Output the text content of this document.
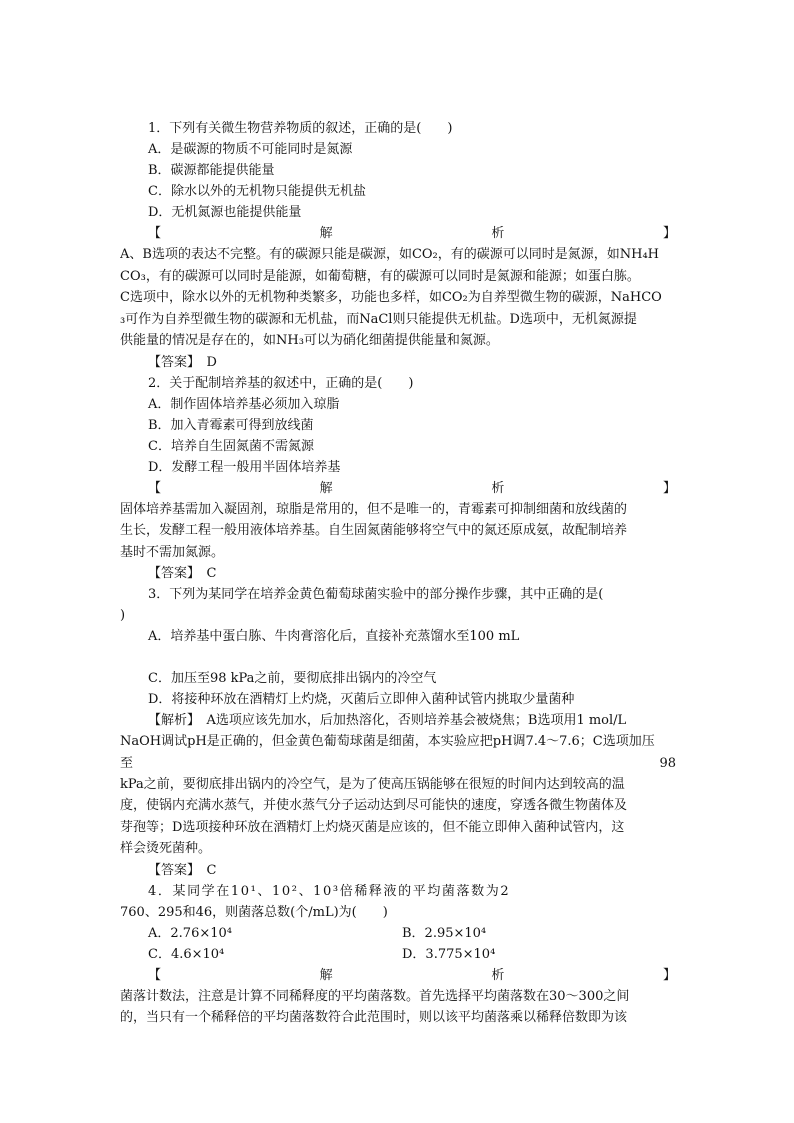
1．下列有关微生物营养物质的叙述，正确的是(　　)
A．是碳源的物质不可能同时是氮源
B．碳源都能提供能量
C．除水以外的无机物只能提供无机盐
D．无机氮源也能提供能量
【	解	析	】
A、B选项的表达不完整。有的碳源只能是碳源，如CO₂，有的碳源可以同时是氮源，如NH₄H
CO₃，有的碳源可以同时是能源，如葡萄糖，有的碳源可以同时是氮源和能源；如蛋白胨。
C选项中，除水以外的无机物种类繁多，功能也多样，如CO₂为自养型微生物的碳源，NaHCO
₃可作为自养型微生物的碳源和无机盐，而NaCl则只能提供无机盐。D选项中，无机氮源提
供能量的情况是存在的，如NH₃可以为硝化细菌提供能量和氮源。
【答案】　D
2．关于配制培养基的叙述中，正确的是(　　)
A．制作固体培养基必须加入琼脂
B．加入青霉素可得到放线菌
C．培养自生固氮菌不需氮源
D．发酵工程一般用半固体培养基
【	解	析	】
固体培养基需加入凝固剂，琼脂是常用的，但不是唯一的，青霉素可抑制细菌和放线菌的
生长，发酵工程一般用液体培养基。自生固氮菌能够将空气中的氮还原成氨，故配制培养
基时不需加氮源。
【答案】　C
3．下列为某同学在培养金黄色葡萄球菌实验中的部分操作步骤，其中正确的是(
)
A．培养基中蛋白胨、牛肉膏溶化后，直接补充蒸馏水至100 mL
C．加压至98 kPa之前，要彻底排出锅内的冷空气
D．将接种环放在酒精灯上灼烧，灭菌后立即伸入菌种试管内挑取少量菌种
【解析】　A选项应该先加水，后加热溶化，否则培养基会被烧焦；B选项用1 mol/L
NaOH调试pH是正确的，但金黄色葡萄球菌是细菌，本实验应把pH调7.4～7.6；C选项加压
至	98
kPa之前，要彻底排出锅内的冷空气，是为了使高压锅能够在很短的时间内达到较高的温
度，使锅内充满水蒸气，并使水蒸气分子运动达到尽可能快的速度，穿透各微生物菌体及
芽孢等；D选项接种环放在酒精灯上灼烧灭菌是应该的，但不能立即伸入菌种试管内，这
样会烫死菌种。
【答案】　C
4．某同学在10¹、10²、10³倍稀释液的平均菌落数为2
760、295和46，则菌落总数(个/mL)为(　　)
A．2.76×10⁴	B．2.95×10⁴
C．4.6×10⁴	D．3.775×10⁴
【	解	析	】
菌落计数法，注意是计算不同稀释度的平均菌落数。首先选择平均菌落数在30～300之间
的，当只有一个稀释倍的平均菌落数符合此范围时，则以该平均菌落乘以稀释倍数即为该
